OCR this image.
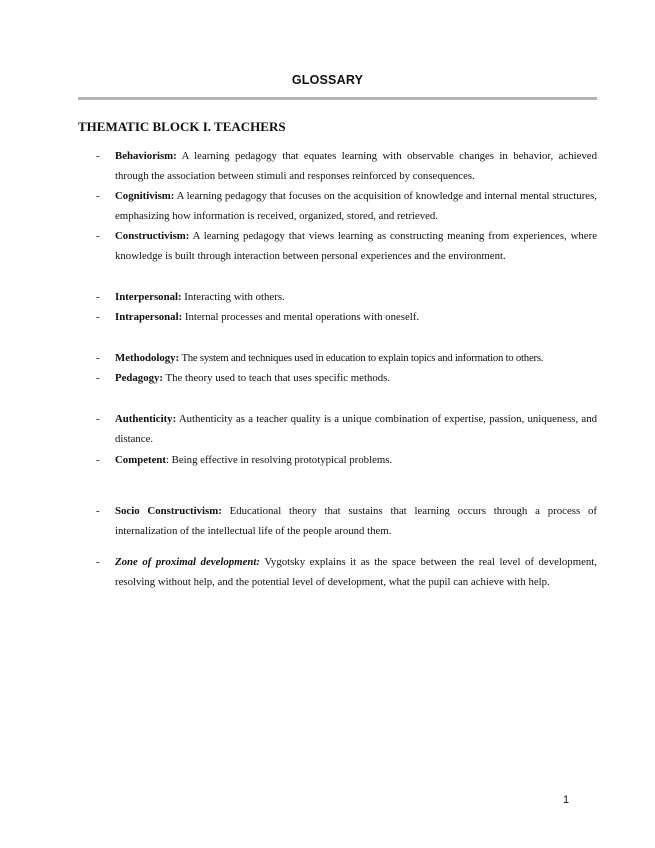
GLOSSARY
THEMATIC BLOCK I. TEACHERS
-	Behaviorism: A learning pedagogy that equates learning with observable changes in behavior, achieved through the association between stimuli and responses reinforced by consequences.
-	Cognitivism: A learning pedagogy that focuses on the acquisition of knowledge and internal mental structures, emphasizing how information is received, organized, stored, and retrieved.
-	Constructivism: A learning pedagogy that views learning as constructing meaning from experiences, where knowledge is built through interaction between personal experiences and the environment.
-	Interpersonal: Interacting with others.
-	Intrapersonal: Internal processes and mental operations with oneself.
-	Methodology: The system and techniques used in education to explain topics and information to others.
-	Pedagogy: The theory used to teach that uses specific methods.
-	Authenticity: Authenticity as a teacher quality is a unique combination of expertise, passion, uniqueness, and distance.
-	Competent: Being effective in resolving prototypical problems.
-	Socio Constructivism: Educational theory that sustains that learning occurs through a process of internalization of the intellectual life of the people around them.
-	Zone of proximal development: Vygotsky explains it as the space between the real level of development, resolving without help, and the potential level of development, what the pupil can achieve with help.
1
